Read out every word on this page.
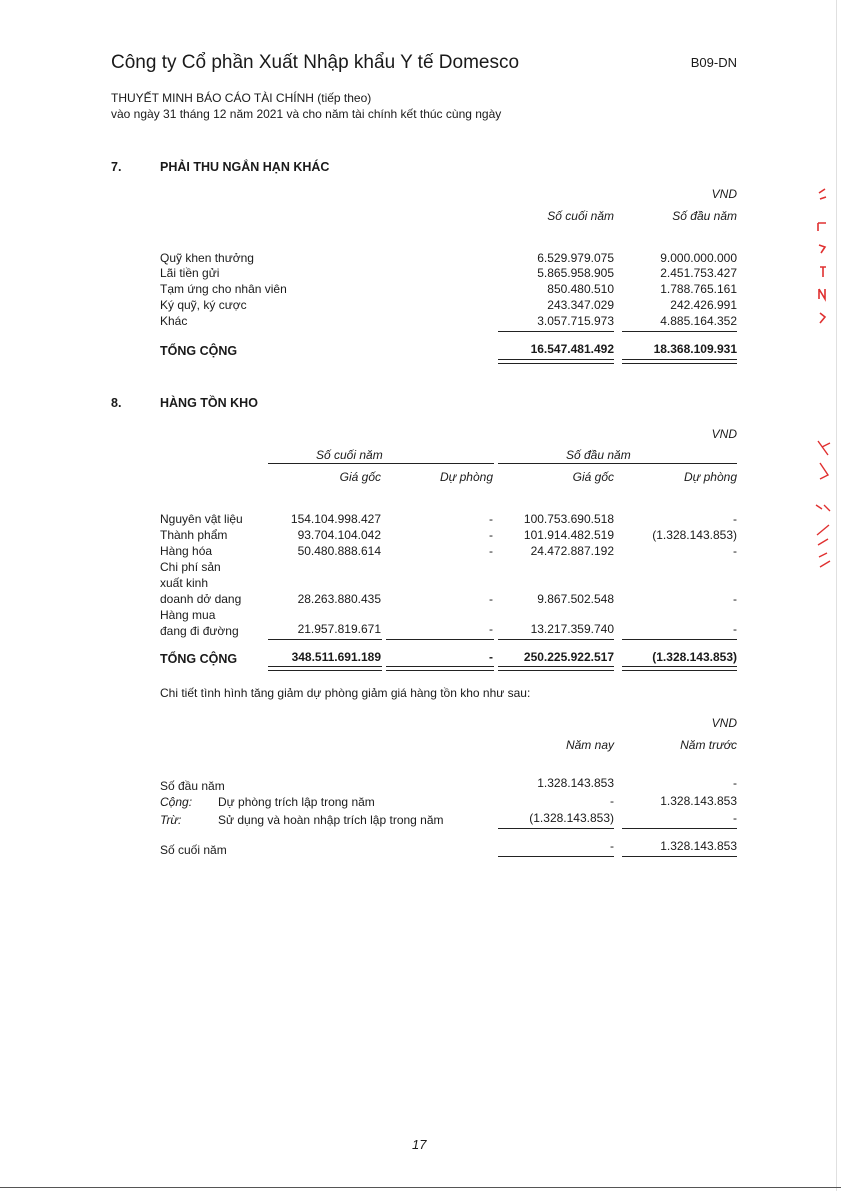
Công ty Cổ phần Xuất Nhập khẩu Y tế Domesco	B09-DN
THUYẾT MINH BÁO CÁO TÀI CHÍNH (tiếp theo)
vào ngày 31 tháng 12 năm 2021 và cho năm tài chính kết thúc cùng ngày
7.	PHẢI THU NGẮN HẠN KHÁC
VND
Số cuối năm	Số đầu năm
Quỹ khen thưởng	6.529.979.075	9.000.000.000
Lãi tiền gửi	5.865.958.905	2.451.753.427
Tạm ứng cho nhân viên	850.480.510	1.788.765.161
Ký quỹ, ký cược	243.347.029	242.426.991
Khác	3.057.715.973	4.885.164.352
TỔNG CỘNG	16.547.481.492	18.368.109.931
8.	HÀNG TỒN KHO
VND
Số cuối năm	Số đầu năm
Giá gốc	Dự phòng	Giá gốc	Dự phòng
Nguyên vật liệu	154.104.998.427	-	100.753.690.518	-
Thành phẩm	93.704.104.042	-	101.914.482.519	(1.328.143.853)
Hàng hóa	50.480.888.614	-	24.472.887.192	-
Chi phí sản
xuất kinh
doanh dở dang	28.263.880.435	-	9.867.502.548	-
Hàng mua
đang đi đường	21.957.819.671	-	13.217.359.740	-
TỔNG CỘNG	348.511.691.189	-	250.225.922.517	(1.328.143.853)
Chi tiết tình hình tăng giảm dự phòng giảm giá hàng tồn kho như sau:
VND
Năm nay	Năm trước
Số đầu năm	1.328.143.853	-
Cộng: Dự phòng trích lập trong năm	-	1.328.143.853
Trừ:	Sử dụng và hoàn nhập trích lập trong năm	(1.328.143.853)	-
Số cuối năm	-	1.328.143.853
17
